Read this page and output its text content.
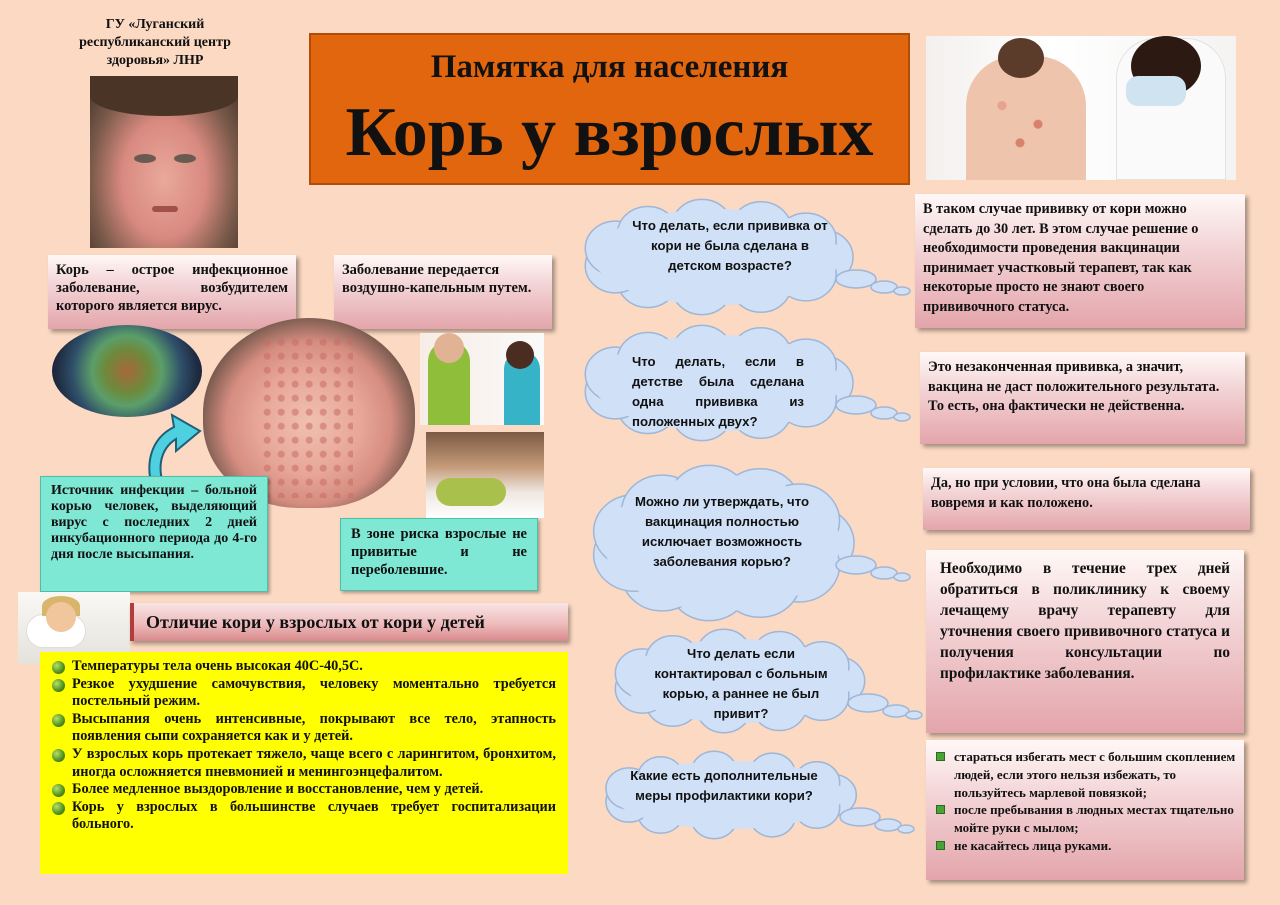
ГУ «Луганский
республиканский центр
здоровья» ЛНР	Памятка для населения
Корь у взрослых
Корь – острое инфекционное заболевание, возбудителем которого является вирус.
Заболевание передается воздушно-капельным путем.
Источник инфекции – больной корью человек, выделяющий вирус с последних 2 дней инкубационного периода до 4-го дня после высыпания.
В зоне риска взрослые не привитые и не переболевшие.
Отличие кори у взрослых от кори у детей
Температуры тела очень высокая 40С-40,5С.
Резкое ухудшение самочувствия, человеку моментально требуется постельный режим.
Высыпания очень интенсивные, покрывают все тело, этапность появления сыпи сохраняется как и у детей.
У взрослых корь протекает тяжело, чаще всего с ларингитом, бронхитом, иногда осложняется пневмонией и менингоэнцефалитом.
Более медленное выздоровление и восстановление, чем у детей.
Корь у взрослых в большинстве случаев требует госпитализации больного.
Что делать, если прививка от кори не была сделана в детском возрасте?
Что делать, если в детстве была сделана одна прививка из положенных двух?
Можно ли утверждать, что вакцинация полностью исключает возможность заболевания корью?
Что делать если контактировал с больным корью, а раннее не был привит?
Какие есть дополнительные меры профилактики кори?
В таком случае прививку от кори можно сделать до 30 лет. В этом случае решение о необходимости проведения вакцинации принимает участковый терапевт, так как некоторые просто не знают своего прививочного статуса.
Это незаконченная прививка, а значит, вакцина не даст положительного результата. То есть, она фактически не действенна.
Да, но при условии, что она была сделана вовремя и как положено.
Необходимо в течение трех дней обратиться в поликлинику к своему лечащему врачу терапевту для уточнения своего прививочного статуса и получения консультации по профилактике заболевания.
стараться избегать мест с большим скоплением людей, если этого нельзя избежать, то пользуйтесь марлевой повязкой;
после пребывания в людных местах тщательно мойте руки с мылом;
не касайтесь лица руками.
